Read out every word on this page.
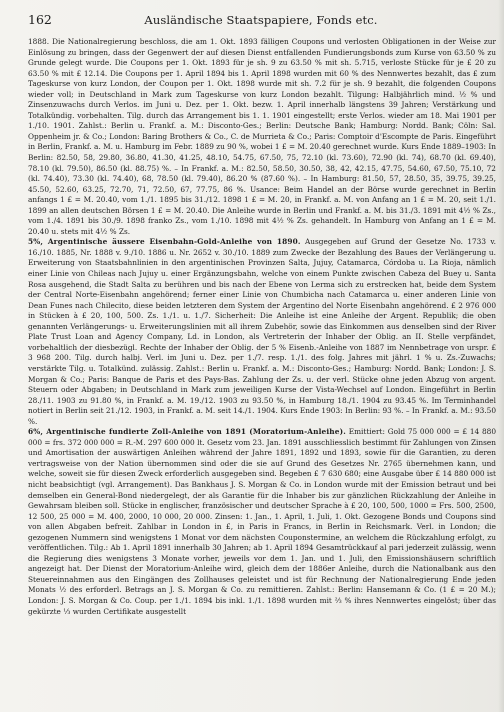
162	Ausländische Staatspapiere, Fonds etc.

1888. Die Nationalregierung beschloss, die am 1. Okt. 1893 fälligen Coupons und verlosten Obligationen in der Weise zur Einlösung zu bringen, dass der Gegenwert der auf diesen Dienst entfallenden Fundierungsbonds zum Kurse von 63.50 % zu Grunde gelegt wurde. Die Coupons per 1. Okt. 1893 für je sh. 9 zu 63.50 % mit sh. 5.715, verloste Stücke für je £ 20 zu 63.50 % mit £ 12.14. Die Coupons per 1. April 1894 bis 1. April 1898 wurden mit 60 % des Nennwertes bezahlt, das £ zum Tageskurse von kurz London, der Coupon per 1. Okt. 1898 wurde mit sh. 7.2 für je sh. 9 bezahlt, die folgenden Coupons wieder voll; in Deutschland in Mark zum Tageskurse von kurz London bezahlt. Tilgung: Halbjährlich mind. ½ % und Zinsenzuwachs durch Verlos. im Juni u. Dez. per 1. Okt. bezw. 1. April innerhalb längstens 39 Jahren; Verstärkung und Totalkündig. vorbehalten. Tilg. durch das Arrangement bis 1. 1. 1901 eingestellt; erste Verlos. wieder am 18. Mai 1901 per 1./10. 1901. Zahlst.: Berlin u. Frankf. a. M.: Disconto-Ges.; Berlin: Deutsche Bank; Hamburg: Nordd. Bank; Cöln: Sal. Oppenheim jr. & Co.; London: Baring Brothers & Co., C. de Murrieta & Co.; Paris: Comptoir d'Escompte de Paris. Eingeführt in Berlin, Frankf. a. M. u. Hamburg im Febr. 1889 zu 90 %, wobei 1 £ = M. 20.40 gerechnet wurde. Kurs Ende 1889–1903: In Berlin: 82.50, 58, 29.80, 36.80, 41.30, 41.25, 48.10, 54.75, 67.50, 75, 72.10 (kl. 73.60), 72.90 (kl. 74), 68.70 (kl. 69.40), 78.10 (kl. 79.50), 86.50 (kl. 88.75) %. – In Frankf. a. M.: 82.50, 58.50, 30.50, 38, 42, 42.15, 47.75, 54.60, 67.50, 75.10, 72 (kl. 74.40), 73.30 (kl. 74.40), 68, 78.50 (kl. 79.40), 86.20 % (87.60 %). – In Hamburg: 81.50, 57, 28.50, 35, 39.75, 39.25, 45.50, 52.60, 63.25, 72.70, 71, 72.50, 67, 77.75, 86 %. Usance: Beim Handel an der Börse wurde gerechnet in Berlin anfangs 1 £ = M. 20.40, vom 1./1. 1895 bis 31./12. 1898 1 £ = M. 20, in Frankf. a. M. von Anfang an 1 £ = M. 20, seit 1./1. 1899 an allen deutschen Börsen 1 £ = M. 20.40. Die Anleihe wurde in Berlin und Frankf. a. M. bis 31./3. 1891 mit 4½ % Zs., vom 1./4. 1891 bis 30./9. 1898 franko Zs., vom 1./10. 1898 mit 4½ % Zs. gehandelt. In Hamburg von Anfang an 1 £ = M. 20.40 u. stets mit 4½ % Zs.

5%, Argentinische äussere Eisenbahn-Gold-Anleihe von 1890. Ausgegeben auf Grund der Gesetze No. 1733 v. 16./10. 1885, Nr. 1888 v. 9./10. 1886 u. Nr. 2652 v. 30./10. 1889 zum Zwecke der Bezahlung des Baues der Verlängerung u. Erweiterung von Staatsbahnlinien in den argentinischen Provinzen Salta, Jujuy, Catamarca, Córdoba u. La Rioja, nämlich einer Linie von Chileas nach Jujuy u. einer Ergänzungsbahn, welche von einem Punkte zwischen Cabeza del Buey u. Santa Rosa ausgehend, die Stadt Salta zu berühren und bis nach der Ebene von Lerma sich zu erstrecken hat, beide dem System der Central Norte-Eisenbahn angehörend; ferner einer Linie von Chumbicha nach Catamarca u. einer anderen Linie von Dean Funes nach Chilecito, diese beiden letzteren dem System der Argentino del Norte Eisenbahn angehörend. £ 2 976 000 in Stücken à £ 20, 100, 500. Zs. 1./1. u. 1./7. Sicherheit: Die Anleihe ist eine Anleihe der Argent. Republik; die oben genannten Verlängerungs- u. Erweiterungslinien mit all ihrem Zubehör, sowie das Einkommen aus denselben sind der River Plate Trust Loan and Agency Company, Ld. in London, als Vertreterin der Inhaber der Oblig. an II. Stelle verpfändet, vorbehaltlich der diesbezügl. Rechte der Inhaber der Oblig. der 5 % Eisenb.-Anleihe von 1887 im Nennbetrage von urspr. £ 3 968 200. Tilg. durch halbj. Verl. im Juni u. Dez. per 1./7. resp. 1./1. des folg. Jahres mit jährl. 1 % u. Zs.-Zuwachs; verstärkte Tilg. u. Totalkünd. zulässig. Zahlst.: Berlin u. Frankf. a. M.: Disconto-Ges.; Hamburg: Nordd. Bank; London: J. S. Morgan & Co.; Paris: Banque de Paris et des Pays-Bas. Zahlung der Zs. u. der verl. Stücke ohne jeden Abzug von argent. Steuern oder Abgaben; in Deutschland in Mark zum jeweiligen Kurse der Vista-Wechsel auf London. Eingeführt in Berlin 28./11. 1903 zu 91.80 %, in Frankf. a. M. 19./12. 1903 zu 93.50 %, in Hamburg 18./1. 1904 zu 93.45 %. Im Terminhandel notiert in Berlin seit 21./12. 1903, in Frankf. a. M. seit 14./1. 1904. Kurs Ende 1903: In Berlin: 93 %. – In Frankf. a. M.: 93.50 %.

6%, Argentinische fundierte Zoll-Anleihe von 1891 (Moratorium-Anleihe). Emittiert: Gold 75 000 000 = £ 14 880 000 = frs. 372 000 000 = R.-M. 297 600 000 lt. Gesetz vom 23. Jan. 1891 ausschliesslich bestimmt für Zahlungen von Zinsen und Amortisation der auswärtigen Anleihen während der Jahre 1891, 1892 und 1893, sowie für die Garantien, zu deren vertragsweise von der Nation übernommen sind oder die sie auf Grund des Gesetzes Nr. 2765 übernehmen kann, und welche, soweit sie für diesen Zweck erforderlich ausgegeben sind. Begeben £ 7 630 680; eine Ausgabe über £ 14 880 000 ist nicht beabsichtigt (vgl. Arrangement). Das Bankhaus J. S. Morgan & Co. in London wurde mit der Emission betraut und bei demselben ein General-Bond niedergelegt, der als Garantie für die Inhaber bis zur gänzlichen Rückzahlung der Anleihe in Gewahrsam bleiben soll. Stücke in englischer, französischer und deutscher Sprache à £ 20, 100, 500, 1000 = Frs. 500, 2500, 12 500, 25 000 = M. 400, 2000, 10 000, 20 000. Zinsen: 1. Jan., 1. April, 1. Juli, 1. Okt. Gezogene Bonds und Coupons sind von allen Abgaben befreit. Zahlbar in London in £, in Paris in Francs, in Berlin in Reichsmark. Verl. in London; die gezogenen Nummern sind wenigstens 1 Monat vor dem nächsten Couponstermine, an welchem die Rückzahlung erfolgt, zu veröffentlichen. Tilg.: Ab 1. April 1891 innerhalb 30 Jahren; ab 1. April 1894 Gesamtrückkauf al pari jederzeit zulässig, wenn die Regierung dies wenigstens 3 Monate vorher, jeweils vor dem 1. Jan. und 1. Juli, den Emissionshäusern schriftlich angezeigt hat. Der Dienst der Moratorium-Anleihe wird, gleich dem der 1886er Anleihe, durch die Nationalbank aus den Steuereinnahmen aus den Eingängen des Zollhauses geleistet und ist für Rechnung der Nationalregierung Ende jeden Monats ½ des erforderl. Betrags an J. S. Morgan & Co. zu remittieren. Zahlst.: Berlin: Hansemann & Co. (1 £ = 20 M.); London: J. S. Morgan & Co. Coup. per 1./1. 1894 bis inkl. 1./1. 1898 wurden mit ⅔ % ihres Nennwertes eingelöst; über das gekürzte ⅓ wurden Certifikate ausgestellt
